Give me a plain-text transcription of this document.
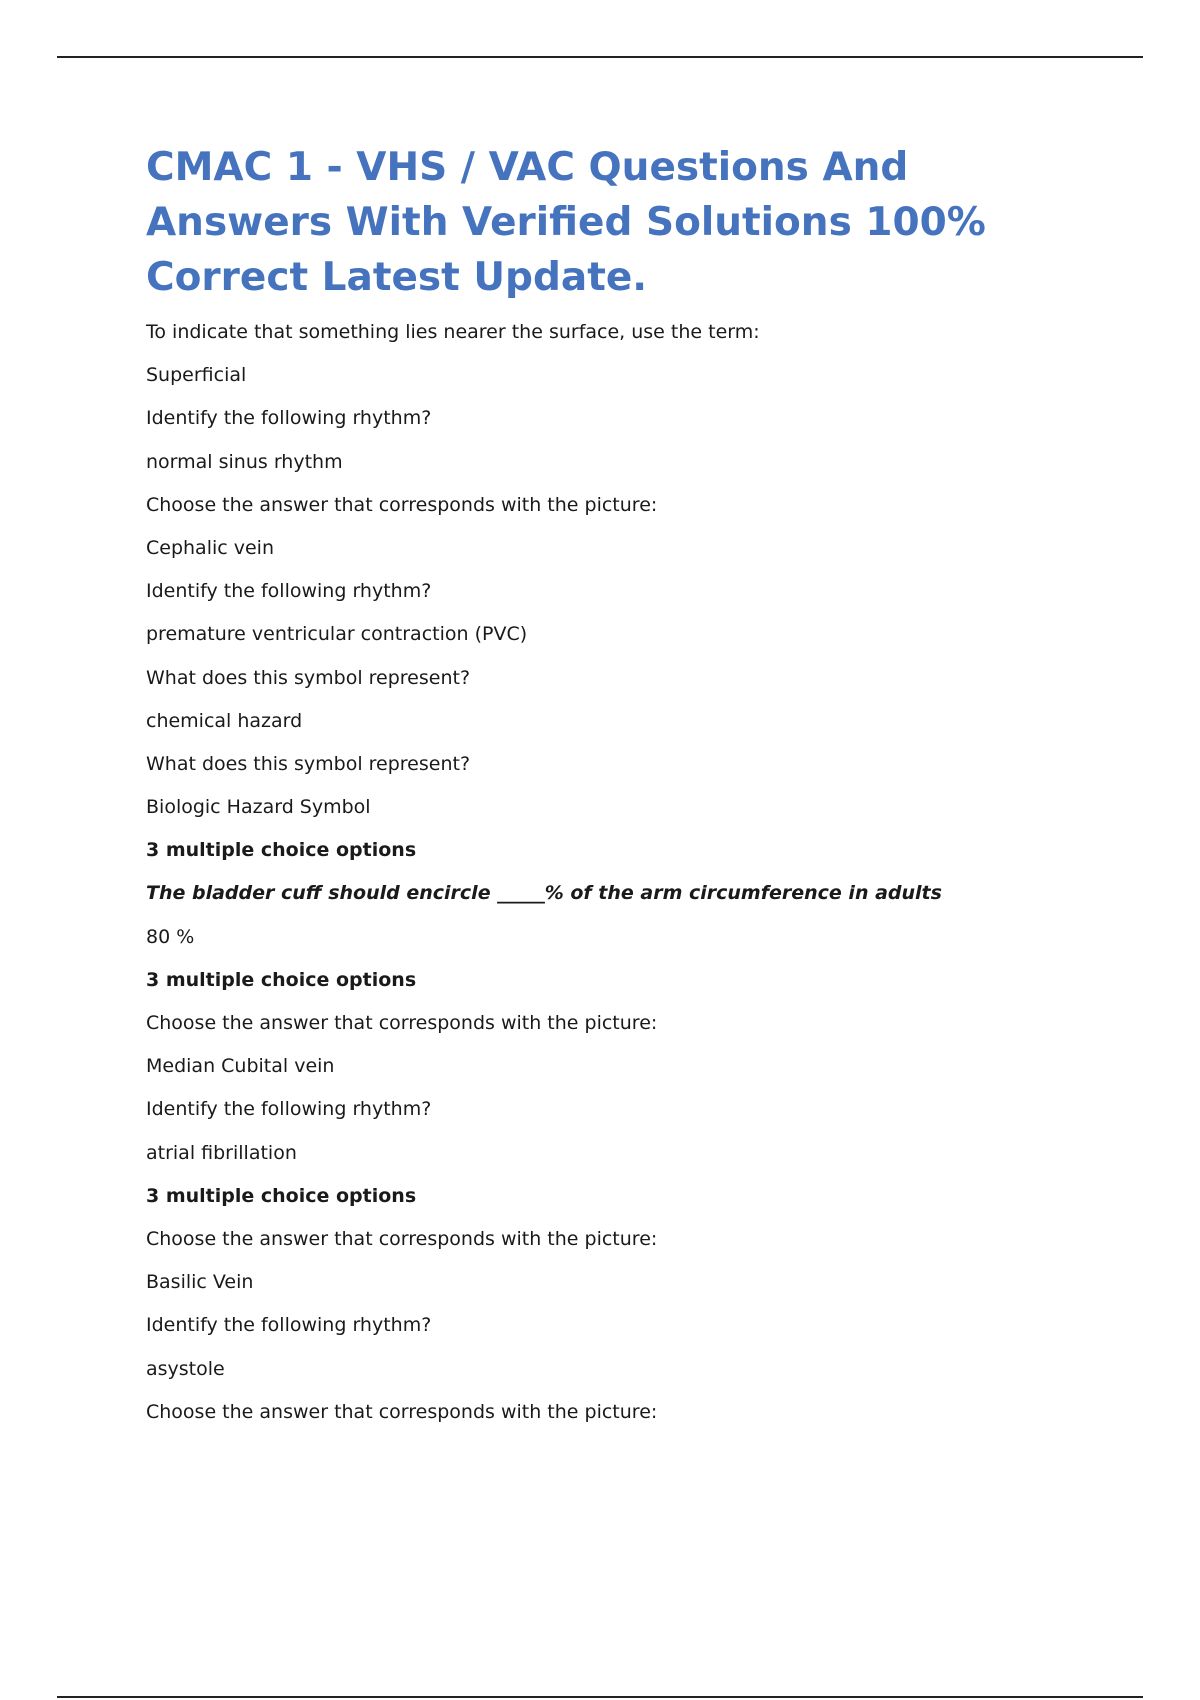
CMAC 1 - VHS / VAC Questions And Answers With Verified Solutions 100% Correct Latest Update.
To indicate that something lies nearer the surface, use the term:
Superficial
Identify the following rhythm?
normal sinus rhythm
Choose the answer that corresponds with the picture:
Cephalic vein
Identify the following rhythm?
premature ventricular contraction (PVC)
What does this symbol represent?
chemical hazard
What does this symbol represent?
Biologic Hazard Symbol
3 multiple choice options
The bladder cuff should encircle _____% of the arm circumference in adults
80 %
3 multiple choice options
Choose the answer that corresponds with the picture:
Median Cubital vein
Identify the following rhythm?
atrial fibrillation
3 multiple choice options
Choose the answer that corresponds with the picture:
Basilic Vein
Identify the following rhythm?
asystole
Choose the answer that corresponds with the picture:
